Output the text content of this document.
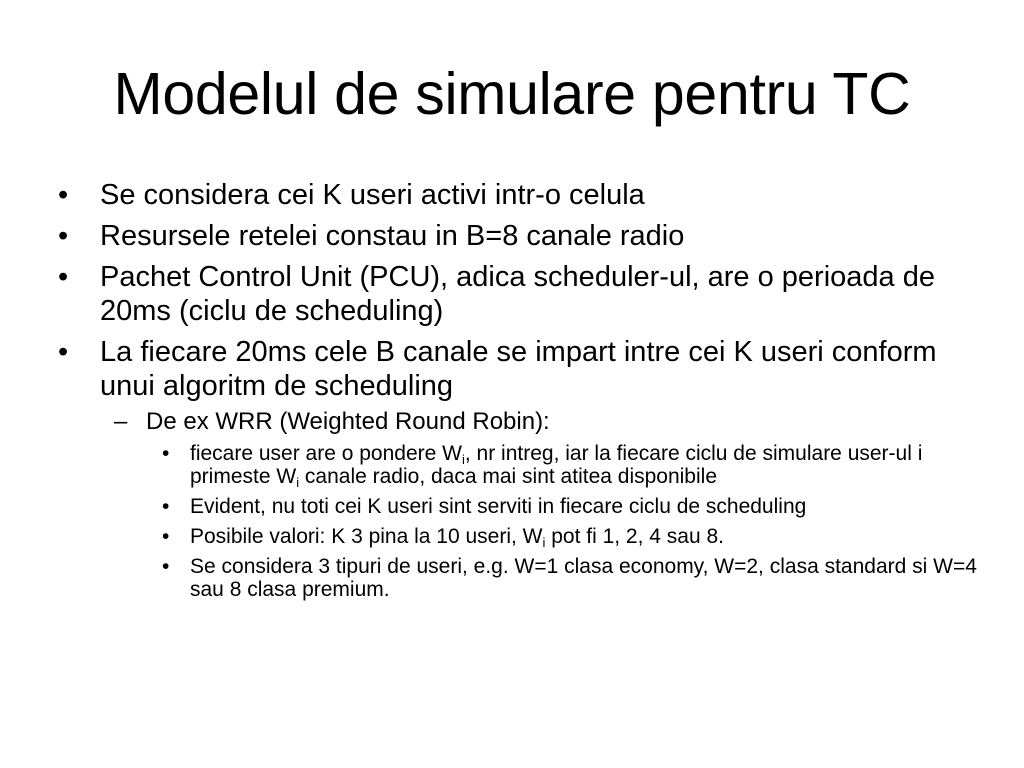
Modelul de simulare pentru TC
• Se considera cei K useri activi intr-o celula
• Resursele retelei constau in B=8 canale radio
• Pachet Control Unit (PCU), adica scheduler-ul, are o perioada de 20ms (ciclu de scheduling)
• La fiecare 20ms cele B canale se impart intre cei K useri conform unui algoritm de scheduling
– De ex WRR (Weighted Round Robin):
• fiecare user are o pondere $W_i$, nr intreg, iar la fiecare ciclu de simulare user-ul i primeste $W_i$ canale radio, daca mai sint atitea disponibile
• Evident, nu toti cei K useri sint serviti in fiecare ciclu de scheduling
• Posibile valori: K 3 pina la 10 useri, $W_i$ pot fi 1, 2, 4 sau 8.
• Se considera 3 tipuri de useri, e.g. W=1 clasa economy, W=2, clasa standard si W=4 sau 8 clasa premium.
